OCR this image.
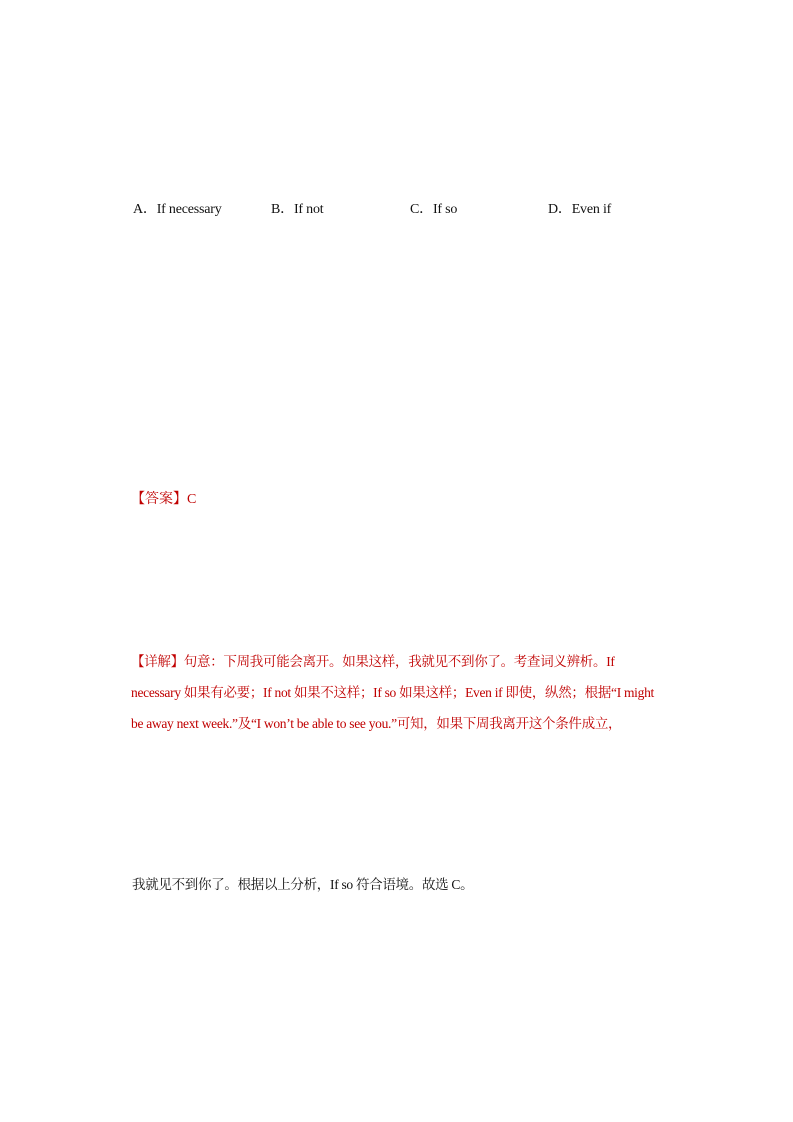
A．If necessary	B．If not	C．If so	D．Even if
【答案】C
【详解】句意：下周我可能会离开。如果这样，我就见不到你了。考查词义辨析。If
necessary 如果有必要；If not 如果不这样；If so 如果这样；Even if 即使，纵然；根据“I might
be away next week.”及“I won’t be able to see you.”可知，如果下周我离开这个条件成立，
我就见不到你了。根据以上分析，If so 符合语境。故选 C。
